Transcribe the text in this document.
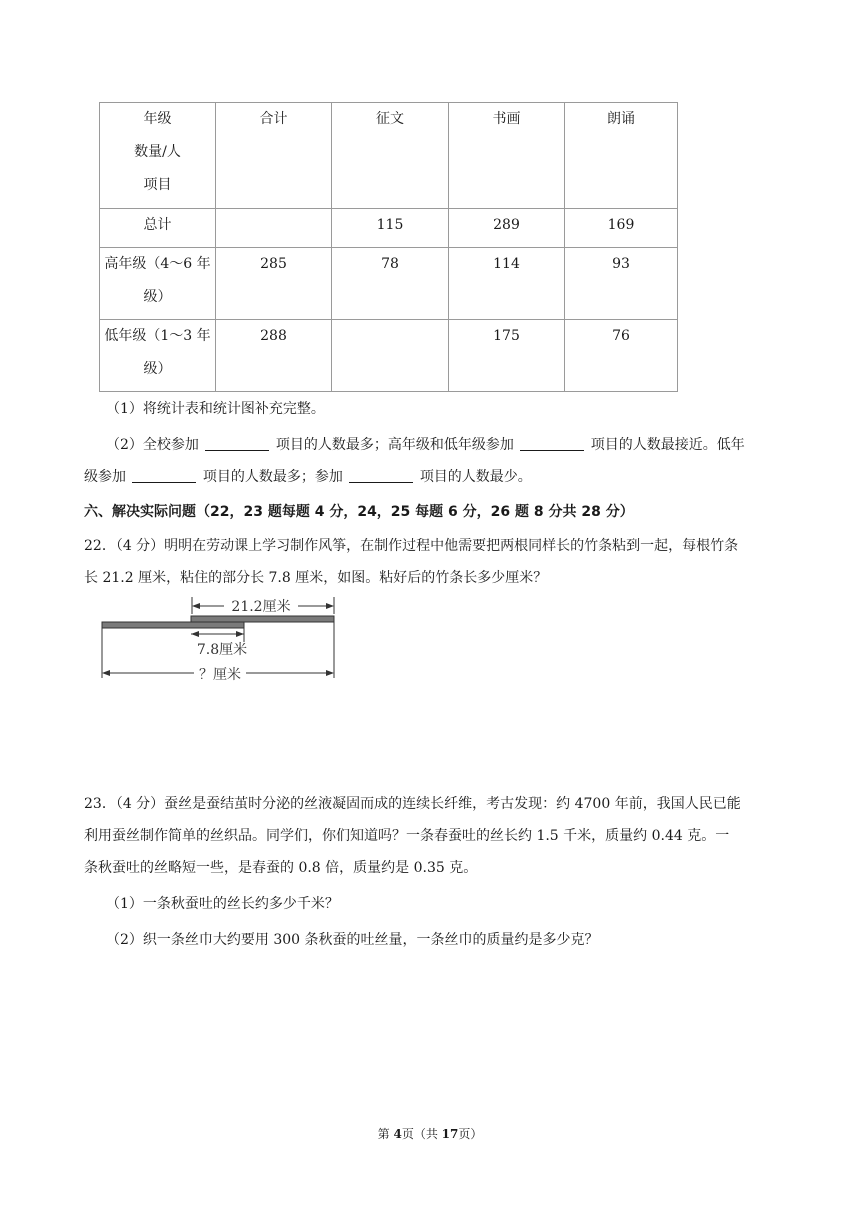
年级
数量/人
项目	合计	征文	书画	朗诵
总计		115	289	169

高年级（4～6 年
级）	285	78	114	93

低年级（1～3 年
级）	288		175	76
（1）将统计表和统计图补充完整。
（2）全校参加	项目的人数最多；高年级和低年级参加	项目的人数最接近。低年
级参加	项目的人数最多；参加	项目的人数最少。
六、解决实际问题（22，23 题每题 4 分，24，25 每题 6 分，26 题 8 分共 28 分）
22．（4 分）明明在劳动课上学习制作风筝，在制作过程中他需要把两根同样长的竹条粘到一起，每根竹条
长 21.2 厘米，粘住的部分长 7.8 厘米，如图。粘好后的竹条长多少厘米？
21.2厘米
7.8厘米
？厘米
23．（4 分）蚕丝是蚕结茧时分泌的丝液凝固而成的连续长纤维，考古发现：约 4700 年前，我国人民已能
利用蚕丝制作简单的丝织品。同学们，你们知道吗？一条春蚕吐的丝长约 1.5 千米，质量约 0.44 克。一
条秋蚕吐的丝略短一些，是春蚕的 0.8 倍，质量约是 0.35 克。
（1）一条秋蚕吐的丝长约多少千米？
（2）织一条丝巾大约要用 300 条秋蚕的吐丝量，一条丝巾的质量约是多少克？
第 4页（共 17页）
